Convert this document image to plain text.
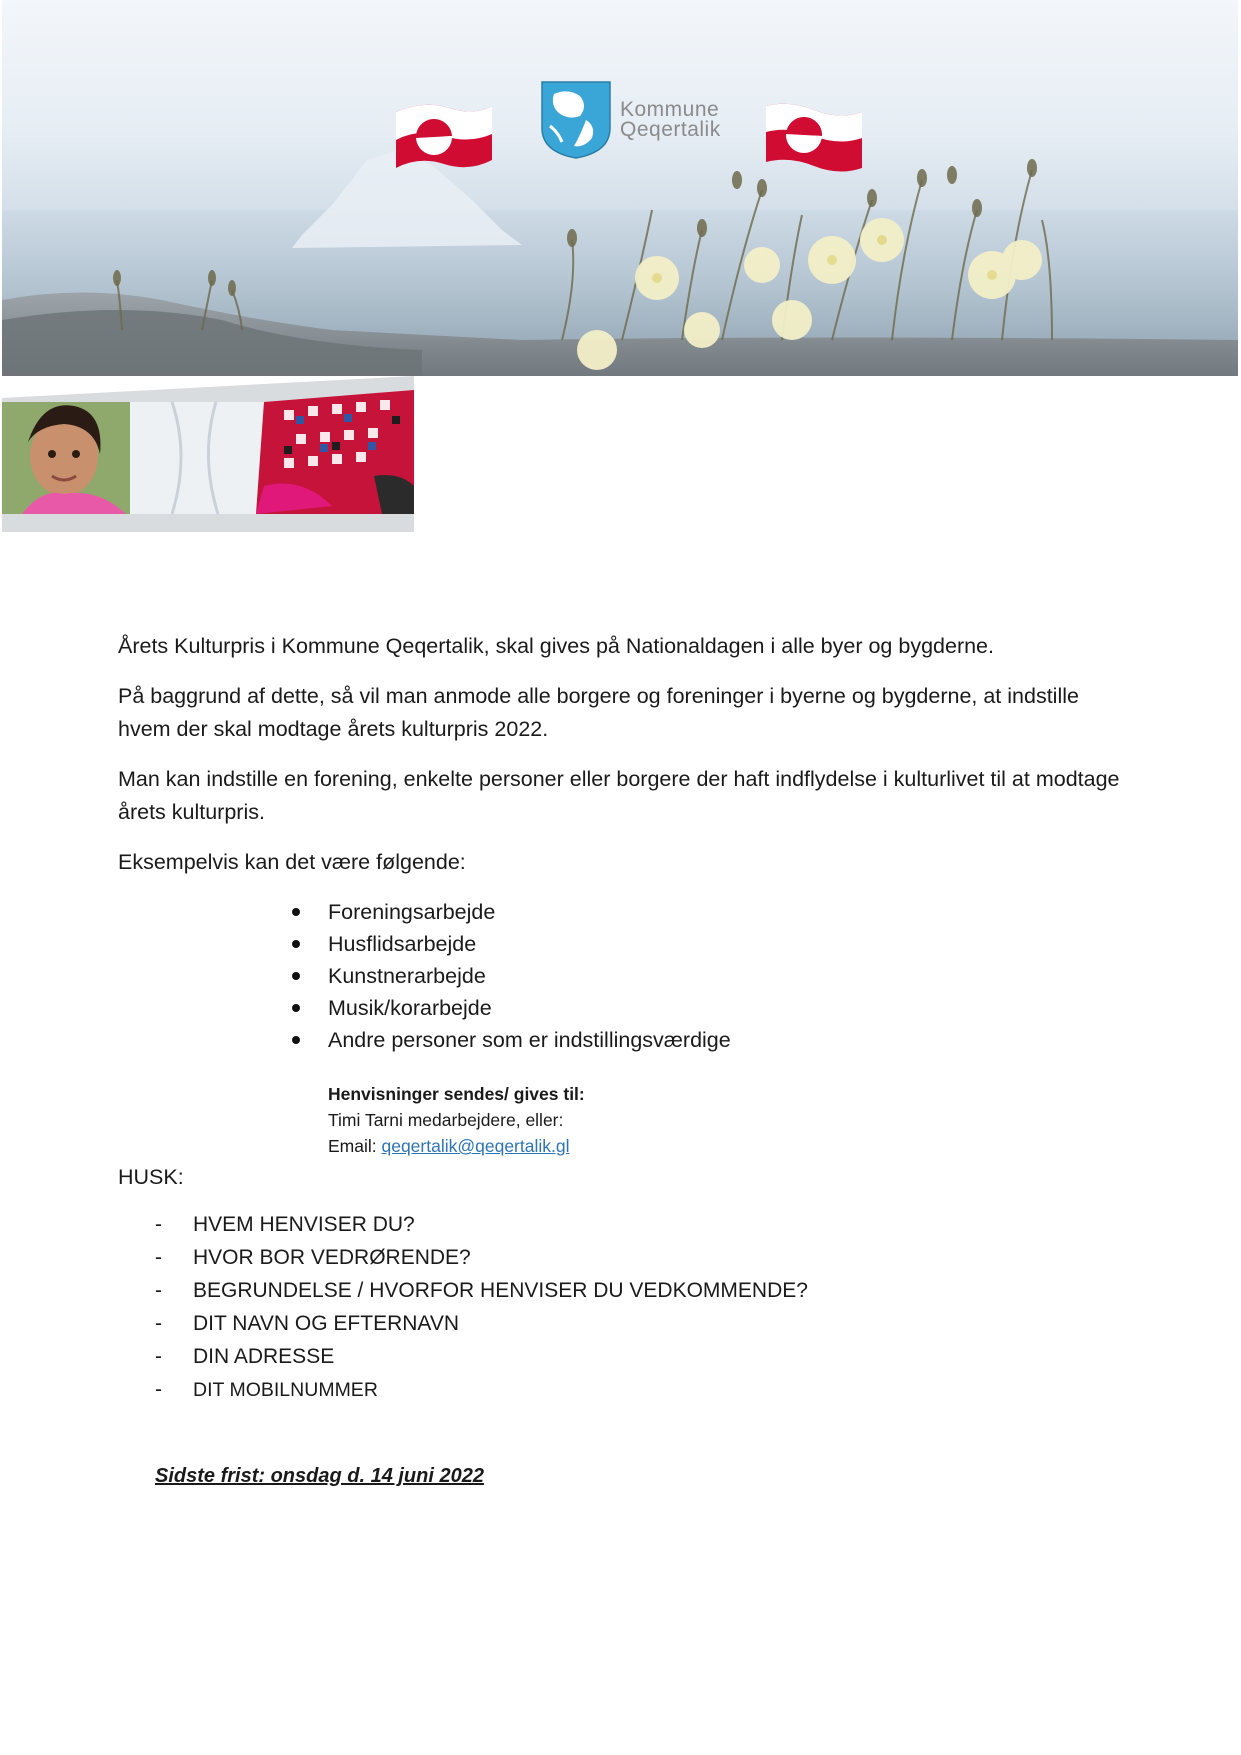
Kommune
Qeqertalik

Årets Kulturpris i Kommune Qeqertalik, skal gives på Nationaldagen i alle byer og bygderne.

På baggrund af dette, så vil man anmode alle borgere og foreninger i byerne og bygderne, at indstille hvem der skal modtage årets kulturpris 2022.

Man kan indstille en forening, enkelte personer eller borgere der haft indflydelse i kulturlivet til at modtage årets kulturpris.

Eksempelvis kan det være følgende:

Foreningsarbejde
Husflidsarbejde
Kunstnerarbejde
Musik/korarbejde
Andre personer som er indstillingsværdige
Henvisninger sendes/ gives til:
Timi Tarni medarbejdere, eller:
Email: qeqertalik@qeqertalik.gl
HUSK:
- HVEM HENVISER DU?
- HVOR BOR VEDRØRENDE?
- BEGRUNDELSE / HVORFOR HENVISER DU VEDKOMMENDE?
- DIT NAVN OG EFTERNAVN
- DIN ADRESSE
- DIT MOBILNUMMER
Sidste frist: onsdag d. 14 juni 2022
